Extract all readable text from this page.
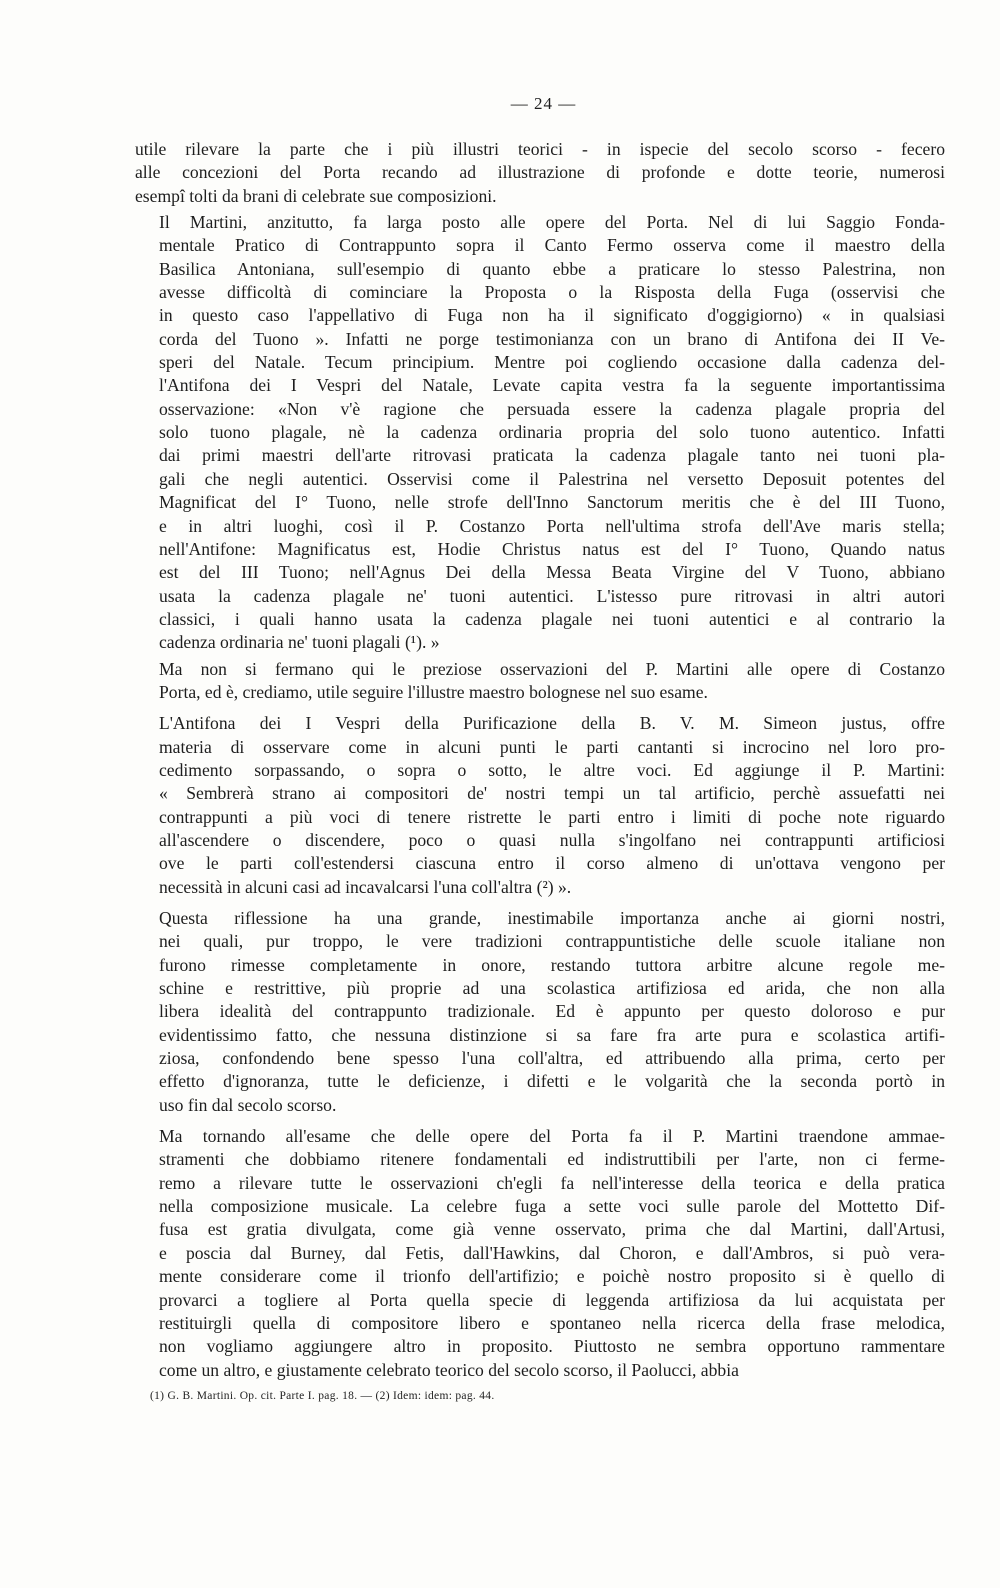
— 24 —

utile rilevare la parte che i più illustri teorici - in ispecie del secolo scorso - fecero
alle concezioni del Porta recando ad illustrazione di profonde e dotte teorie, numerosi
esempî tolti da brani di celebrate sue composizioni.

Il Martini, anzitutto, fa larga posto alle opere del Porta. Nel di lui Saggio Fonda-
mentale Pratico di Contrappunto sopra il Canto Fermo osserva come il maestro della
Basilica Antoniana, sull'esempio di quanto ebbe a praticare lo stesso Palestrina, non
avesse difficoltà di cominciare la Proposta o la Risposta della Fuga (osservisi che
in questo caso l'appellativo di Fuga non ha il significato d'oggigiorno) « in qualsiasi
corda del Tuono ». Infatti ne porge testimonianza con un brano di Antifona dei II Ve-
speri del Natale. Tecum principium. Mentre poi cogliendo occasione dalla cadenza del-
l'Antifona dei I Vespri del Natale, Levate capita vestra fa la seguente importantissima
osservazione: «Non v'è ragione che persuada essere la cadenza plagale propria del
solo tuono plagale, nè la cadenza ordinaria propria del solo tuono autentico. Infatti
dai primi maestri dell'arte ritrovasi praticata la cadenza plagale tanto nei tuoni pla-
gali che negli autentici. Osservisi come il Palestrina nel versetto Deposuit potentes del
Magnificat del I° Tuono, nelle strofe dell'Inno Sanctorum meritis che è del III Tuono,
e in altri luoghi, così il P. Costanzo Porta nell'ultima strofa dell'Ave maris stella;
nell'Antifone: Magnificatus est, Hodie Christus natus est del I° Tuono, Quando natus
est del III Tuono; nell'Agnus Dei della Messa Beata Virgine del V Tuono, abbiano
usata la cadenza plagale ne' tuoni autentici. L'istesso pure ritrovasi in altri autori
classici, i quali hanno usata la cadenza plagale nei tuoni autentici e al contrario la
cadenza ordinaria ne' tuoni plagali (¹). »

Ma non si fermano qui le preziose osservazioni del P. Martini alle opere di Costanzo
Porta, ed è, crediamo, utile seguire l'illustre maestro bolognese nel suo esame.

L'Antifona dei I Vespri della Purificazione della B. V. M. Simeon justus, offre
materia di osservare come in alcuni punti le parti cantanti si incrocino nel loro pro-
cedimento sorpassando, o sopra o sotto, le altre voci. Ed aggiunge il P. Martini:
« Sembrerà strano ai compositori de' nostri tempi un tal artificio, perchè assuefatti nei
contrappunti a più voci di tenere ristrette le parti entro i limiti di poche note riguardo
all'ascendere o discendere, poco o quasi nulla s'ingolfano nei contrappunti artificiosi
ove le parti coll'estendersi ciascuna entro il corso almeno di un'ottava vengono per
necessità in alcuni casi ad incavalcarsi l'una coll'altra (²) ».

Questa riflessione ha una grande, inestimabile importanza anche ai giorni nostri,
nei quali, pur troppo, le vere tradizioni contrappuntistiche delle scuole italiane non
furono rimesse completamente in onore, restando tuttora arbitre alcune regole me-
schine e restrittive, più proprie ad una scolastica artifiziosa ed arida, che non alla
libera idealità del contrappunto tradizionale. Ed è appunto per questo doloroso e pur
evidentissimo fatto, che nessuna distinzione si sa fare fra arte pura e scolastica artifi-
ziosa, confondendo bene spesso l'una coll'altra, ed attribuendo alla prima, certo per
effetto d'ignoranza, tutte le deficienze, i difetti e le volgarità che la seconda portò in
uso fin dal secolo scorso.

Ma tornando all'esame che delle opere del Porta fa il P. Martini traendone ammae-
stramenti che dobbiamo ritenere fondamentali ed indistruttibili per l'arte, non ci ferme-
remo a rilevare tutte le osservazioni ch'egli fa nell'interesse della teorica e della pratica
nella composizione musicale. La celebre fuga a sette voci sulle parole del Mottetto Dif-
fusa est gratia divulgata, come già venne osservato, prima che dal Martini, dall'Artusi,
e poscia dal Burney, dal Fetis, dall'Hawkins, dal Choron, e dall'Ambros, si può vera-
mente considerare come il trionfo dell'artifizio; e poichè nostro proposito si è quello di
provarci a togliere al Porta quella specie di leggenda artifiziosa da lui acquistata per
restituirgli quella di compositore libero e spontaneo nella ricerca della frase melodica,
non vogliamo aggiungere altro in proposito. Piuttosto ne sembra opportuno rammentare
come un altro, e giustamente celebrato teorico del secolo scorso, il Paolucci, abbia

(1) G. B. Martini. Op. cit. Parte I. pag. 18. — (2) Idem: idem: pag. 44.
